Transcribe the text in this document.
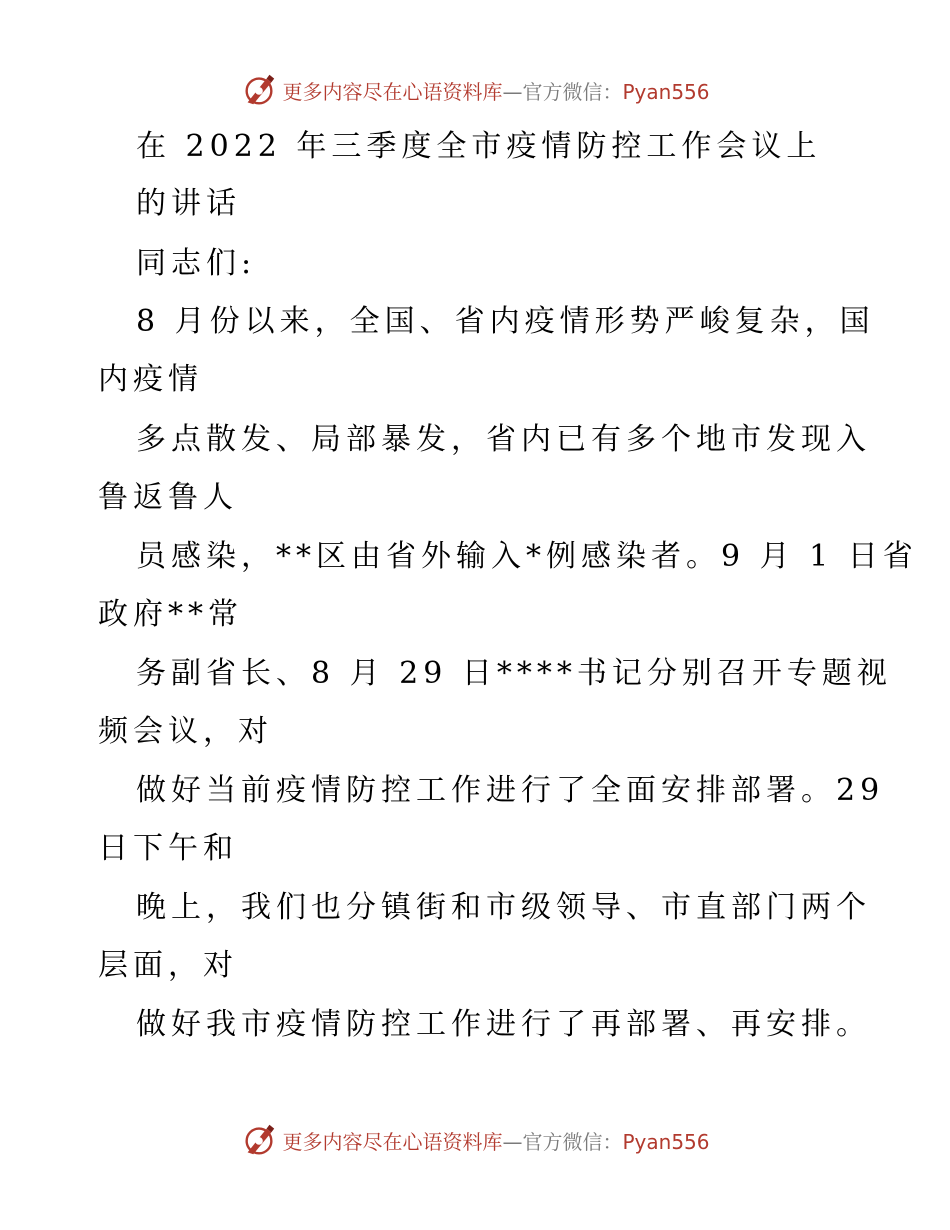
更多内容尽在心语资料库—官方微信：Pyan556
在 2022 年三季度全市疫情防控工作会议上
的讲话
同志们:
8 月份以来，全国、省内疫情形势严峻复杂，国
内疫情
多点散发、局部暴发，省内已有多个地市发现入
鲁返鲁人
员感染，**区由省外输入*例感染者。9 月 1 日省
政府**常
务副省长、8 月 29 日****书记分别召开专题视
频会议，对
做好当前疫情防控工作进行了全面安排部署。29
日下午和
晚上，我们也分镇街和市级领导、市直部门两个
层面，对
做好我市疫情防控工作进行了再部署、再安排。
更多内容尽在心语资料库—官方微信：Pyan556
